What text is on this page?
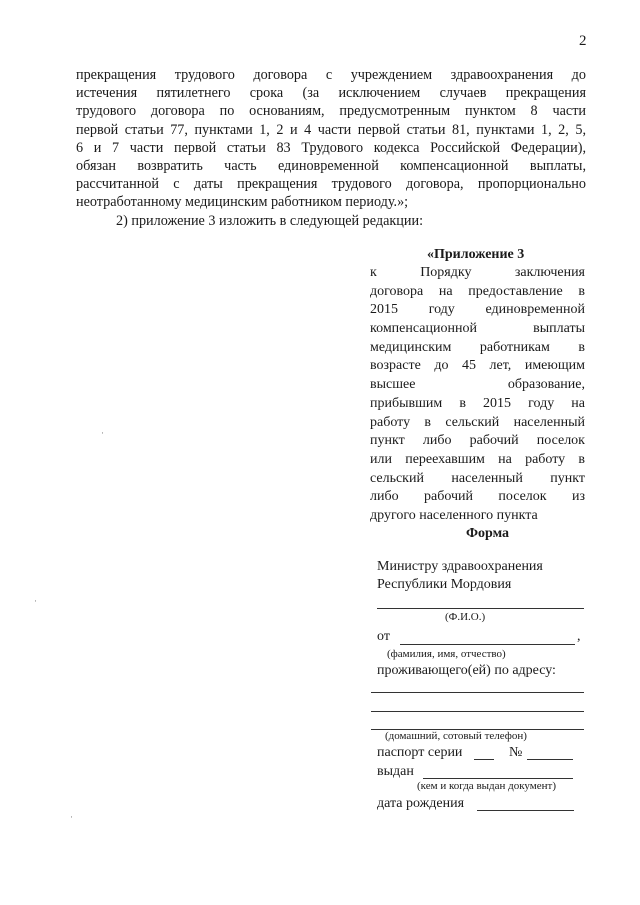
2
прекращения трудового договора с учреждением здравоохранения до
истечения пятилетнего срока (за исключением случаев прекращения
трудового договора по основаниям, предусмотренным пунктом 8 части
первой статьи 77, пунктами 1, 2 и 4 части первой статьи 81, пунктами 1, 2, 5,
6 и 7 части первой статьи 83 Трудового кодекса Российской Федерации),
обязан возвратить часть единовременной компенсационной выплаты,
рассчитанной с даты прекращения трудового договора, пропорционально
неотработанному медицинским работником периоду.»;
2) приложение 3 изложить в следующей редакции:
«Приложение 3
к Порядку заключения
договора на предоставление в
2015 году единовременной
компенсационной выплаты
медицинским работникам в
возрасте до 45 лет, имеющим
высшее образование,
прибывшим в 2015 году на
работу в сельский населенный
пункт либо рабочий поселок
или переехавшим на работу в
сельский населенный пункт
либо рабочий поселок из
другого населенного пункта
Форма
Министру здравоохранения
Республики Мордовия
(Ф.И.О.)
от	,
(фамилия, имя, отчество)
проживающего(ей) по адресу:
(домашний, сотовый телефон)
паспорт серии	№
выдан
(кем и когда выдан документ)
дата рождения
·
·
·
